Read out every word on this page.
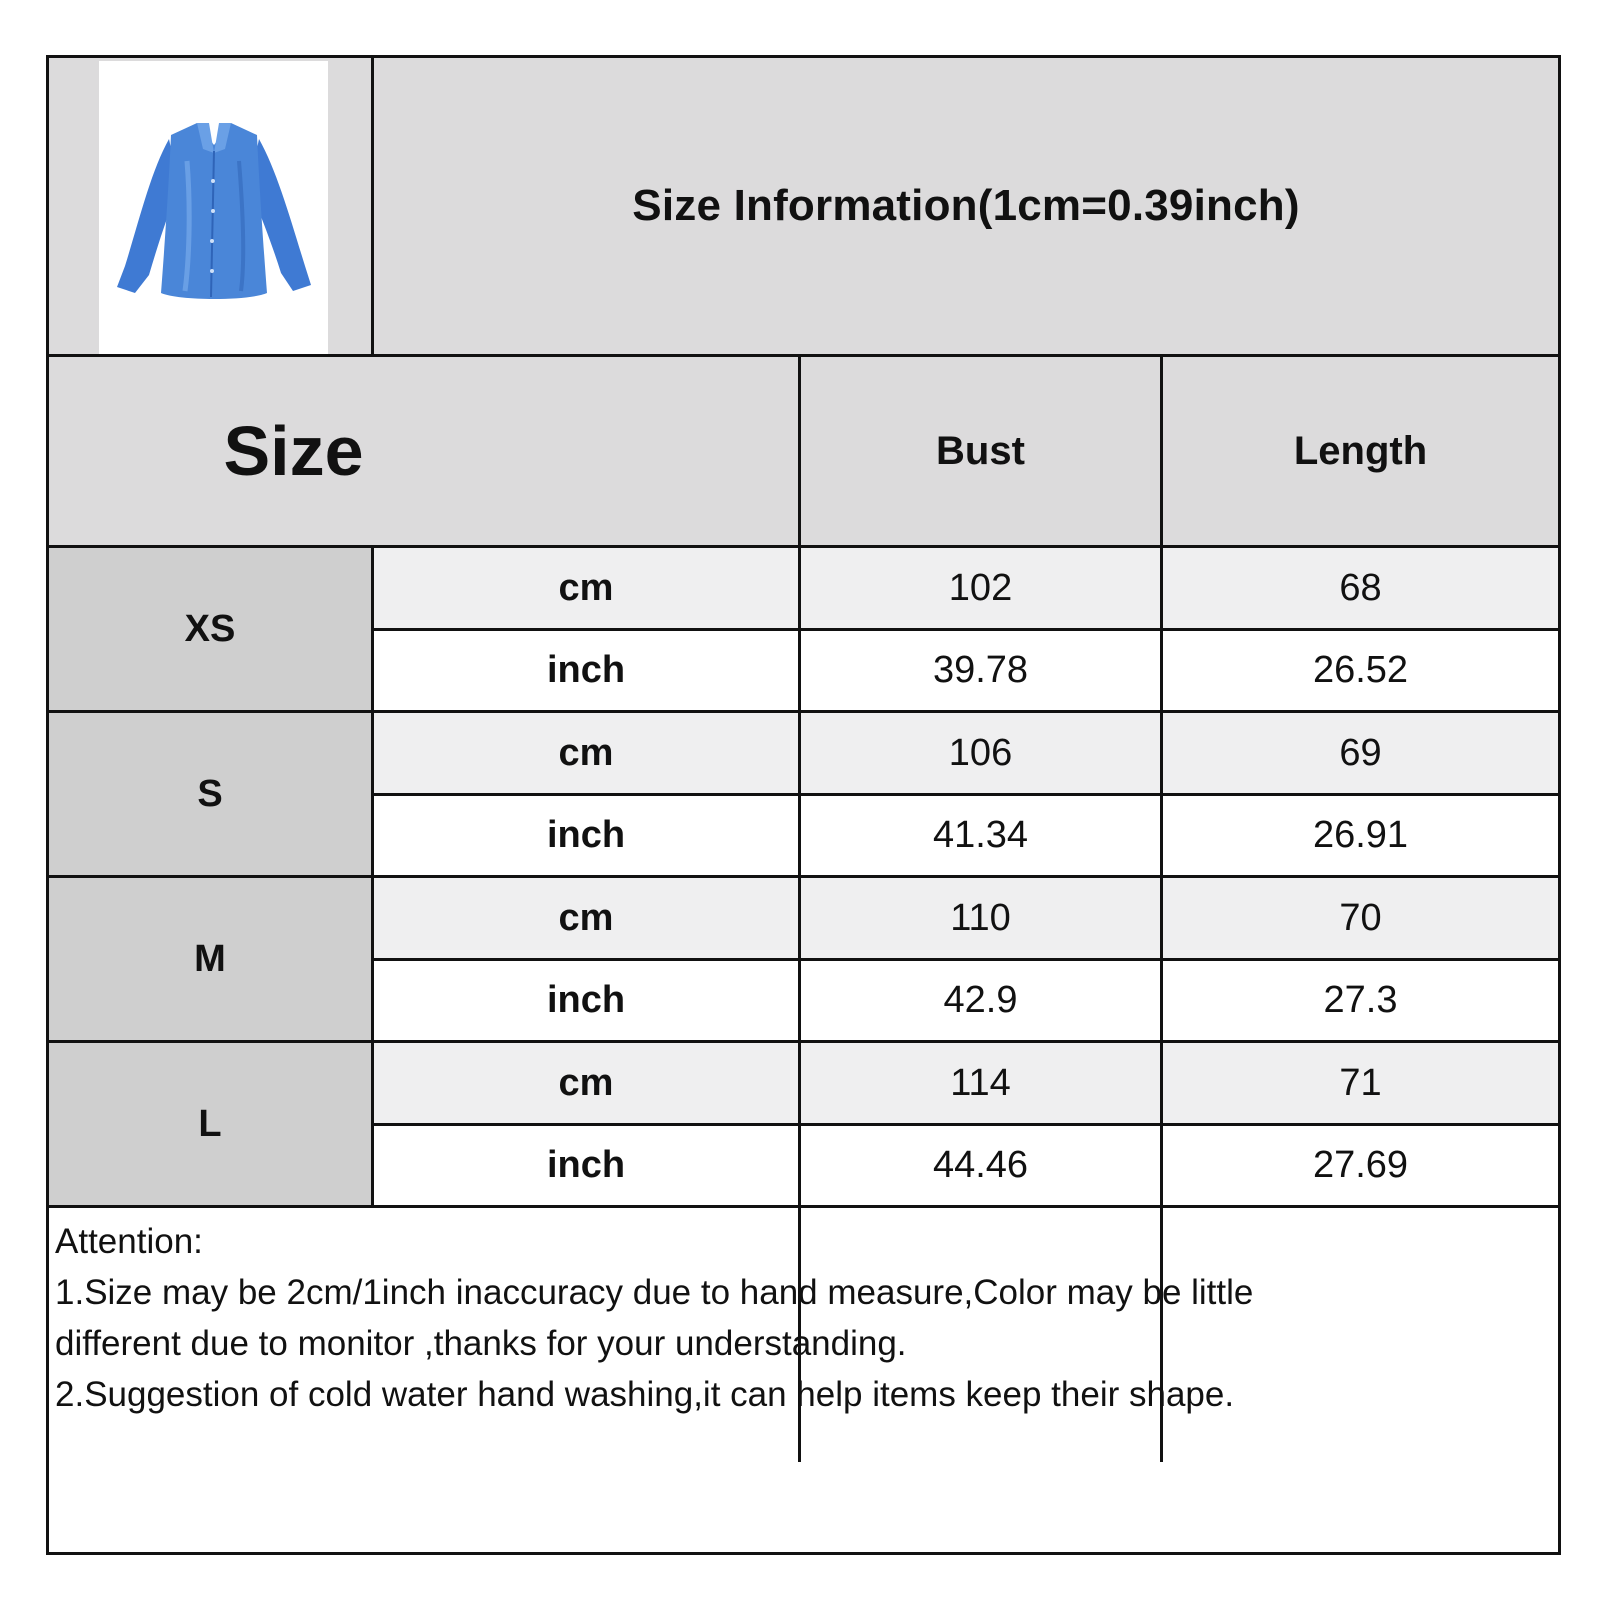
Size Information(1cm=0.39inch)
Size	Bust	Length
XS
cm	102	68
inch	39.78	26.52
S
cm	106	69
inch	41.34	26.91
M
cm	110	70
inch	42.9	27.3
L
cm	114	71
inch	44.46	27.69
Attention:
1.Size may be 2cm/1inch inaccuracy due to hand measure,Color may be little
different due to monitor ,thanks for your understanding.
2.Suggestion of cold water hand washing,it can help items keep their shape.
